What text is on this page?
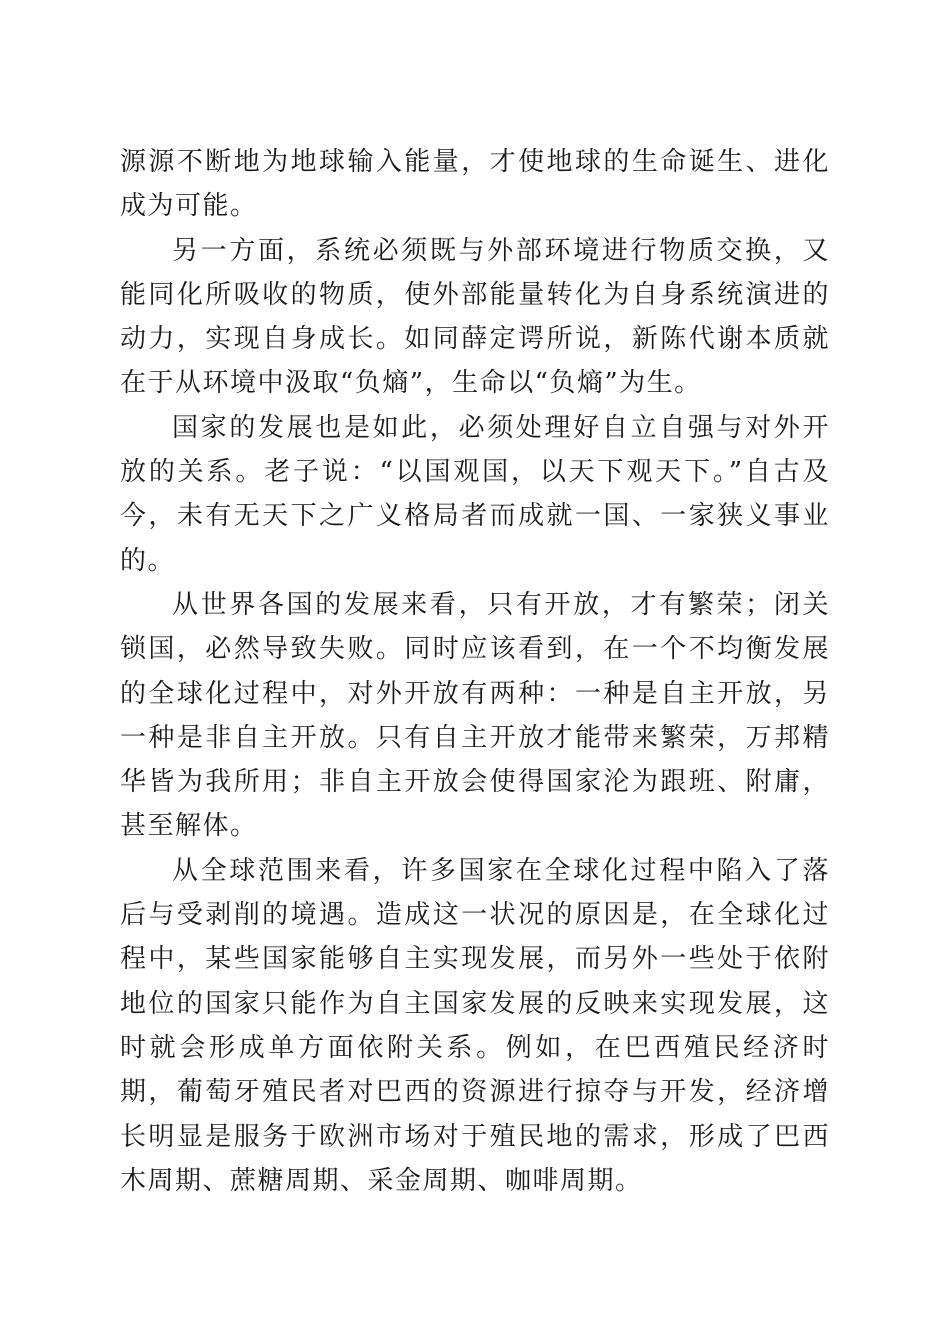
源源不断地为地球输入能量，才使地球的生命诞生、进化成为可能。

另一方面，系统必须既与外部环境进行物质交换，又能同化所吸收的物质，使外部能量转化为自身系统演进的动力，实现自身成长。如同薛定谔所说，新陈代谢本质就在于从环境中汲取“负熵”，生命以“负熵”为生。

国家的发展也是如此，必须处理好自立自强与对外开放的关系。老子说：“以国观国，以天下观天下。”自古及今，未有无天下之广义格局者而成就一国、一家狭义事业的。

从世界各国的发展来看，只有开放，才有繁荣；闭关锁国，必然导致失败。同时应该看到，在一个不均衡发展的全球化过程中，对外开放有两种：一种是自主开放，另一种是非自主开放。只有自主开放才能带来繁荣，万邦精华皆为我所用；非自主开放会使得国家沦为跟班、附庸，甚至解体。

从全球范围来看，许多国家在全球化过程中陷入了落后与受剥削的境遇。造成这一状况的原因是，在全球化过程中，某些国家能够自主实现发展，而另外一些处于依附地位的国家只能作为自主国家发展的反映来实现发展，这时就会形成单方面依附关系。例如，在巴西殖民经济时期，葡萄牙殖民者对巴西的资源进行掠夺与开发，经济增长明显是服务于欧洲市场对于殖民地的需求，形成了巴西木周期、蔗糖周期、采金周期、咖啡周期。
